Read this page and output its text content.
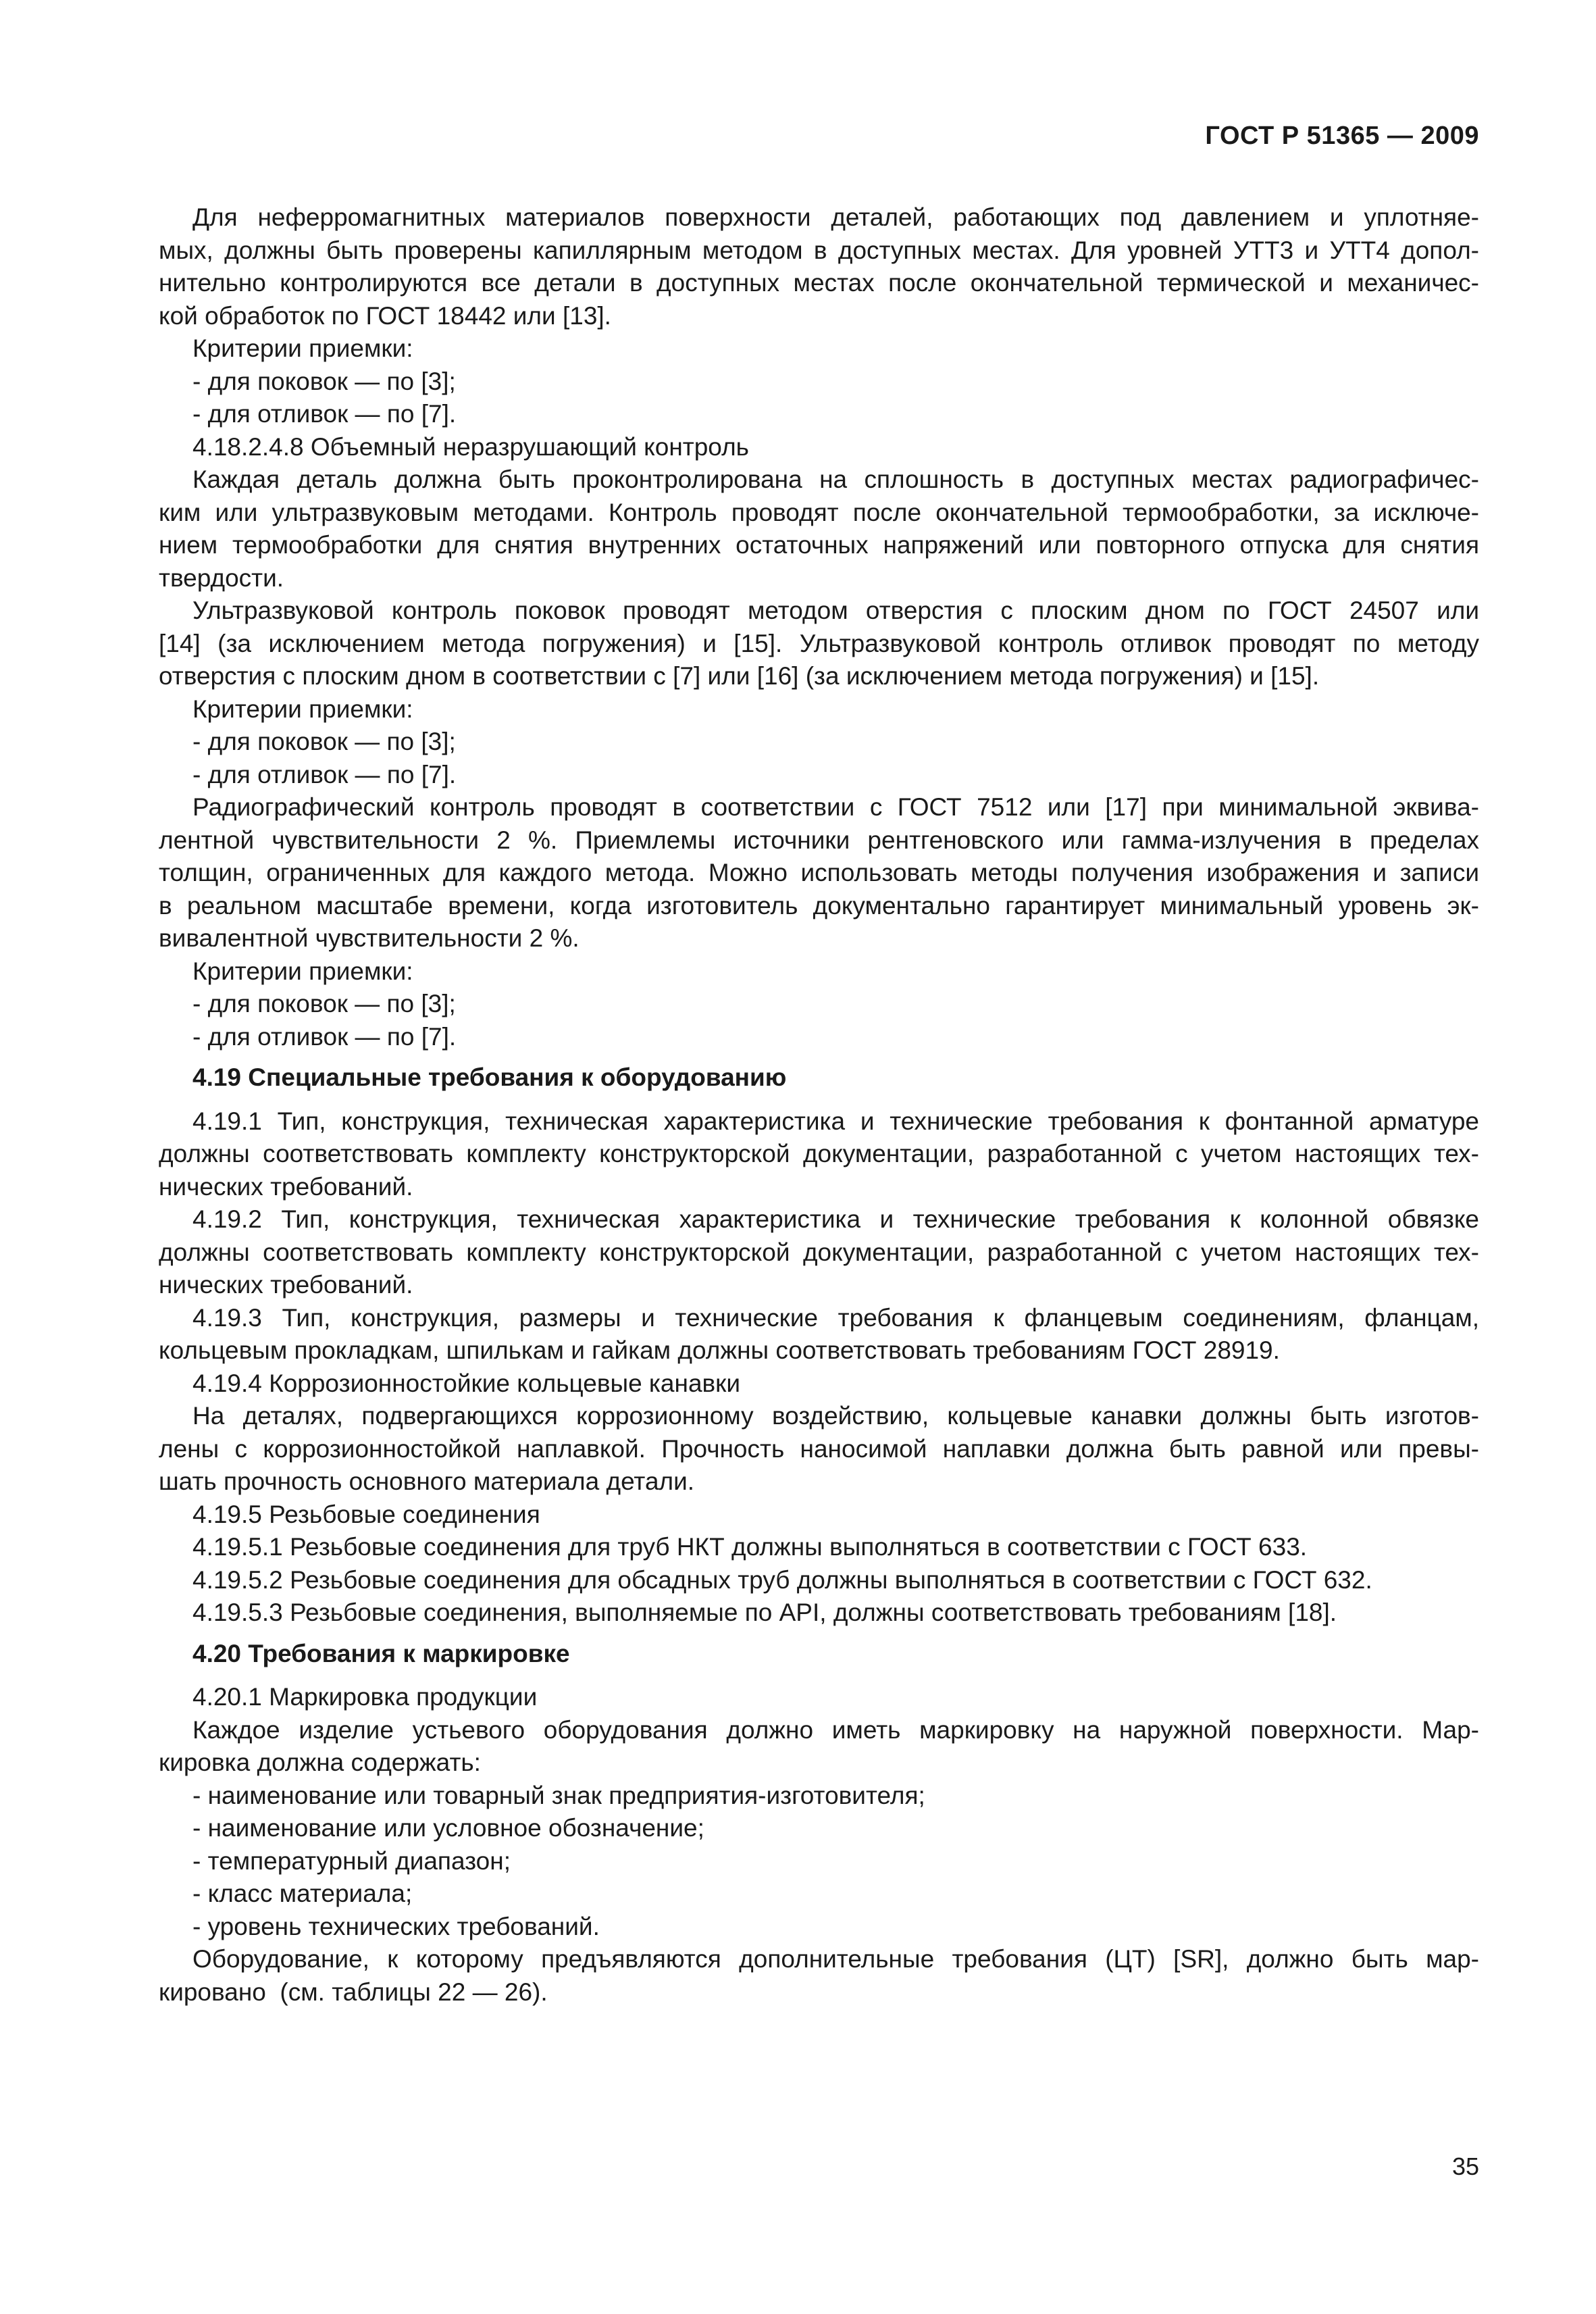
ГОСТ Р 51365 — 2009

Для неферромагнитных материалов поверхности деталей, работающих под давлением и уплотняе-
мых, должны быть проверены капиллярным методом в доступных местах. Для уровней УТТ3 и УТТ4 допол-
нительно контролируются все детали в доступных местах после окончательной термической и механичес-
кой обработок по ГОСТ 18442 или [13].

Критерии приемки:

- для поковок — по [3];

- для отливок — по [7].

4.18.2.4.8 Объемный неразрушающий контроль

Каждая деталь должна быть проконтролирована на сплошность в доступных местах радиографичес-
ким или ультразвуковым методами. Контроль проводят после окончательной термообработки, за исключе-
нием термообработки для снятия внутренних остаточных напряжений или повторного отпуска для снятия
твердости.

Ультразвуковой контроль поковок проводят методом отверстия с плоским дном по ГОСТ 24507 или
[14] (за исключением метода погружения) и [15]. Ультразвуковой контроль отливок проводят по методу
отверстия с плоским дном в соответствии с [7] или [16] (за исключением метода погружения) и [15].

Критерии приемки:

- для поковок — по [3];

- для отливок — по [7].

Радиографический контроль проводят в соответствии с ГОСТ 7512 или [17] при минимальной эквива-
лентной чувствительности 2 %. Приемлемы источники рентгеновского или гамма-излучения в пределах
толщин, ограниченных для каждого метода. Можно использовать методы получения изображения и записи
в реальном масштабе времени, когда изготовитель документально гарантирует минимальный уровень эк-
вивалентной чувствительности 2 %.

Критерии приемки:

- для поковок — по [3];

- для отливок — по [7].

4.19 Специальные требования к оборудованию

4.19.1 Тип, конструкция, техническая характеристика и технические требования к фонтанной арматуре
должны соответствовать комплекту конструкторской документации, разработанной с учетом настоящих тех-
нических требований.

4.19.2 Тип, конструкция, техническая характеристика и технические требования к колонной обвязке
должны соответствовать комплекту конструкторской документации, разработанной с учетом настоящих тех-
нических требований.

4.19.3 Тип, конструкция, размеры и технические требования к фланцевым соединениям, фланцам,
кольцевым прокладкам, шпилькам и гайкам должны соответствовать требованиям ГОСТ 28919.

4.19.4 Коррозионностойкие кольцевые канавки

На деталях, подвергающихся коррозионному воздействию, кольцевые канавки должны быть изготов-
лены с коррозионностойкой наплавкой. Прочность наносимой наплавки должна быть равной или превы-
шать прочность основного материала детали.

4.19.5 Резьбовые соединения

4.19.5.1 Резьбовые соединения для труб НКТ должны выполняться в соответствии с ГОСТ 633.

4.19.5.2 Резьбовые соединения для обсадных труб должны выполняться в соответствии с ГОСТ 632.

4.19.5.3 Резьбовые соединения, выполняемые по API, должны соответствовать требованиям [18].

4.20 Требования к маркировке

4.20.1 Маркировка продукции

Каждое изделие устьевого оборудования должно иметь маркировку на наружной поверхности. Мар-
кировка должна содержать:

- наименование или товарный знак предприятия-изготовителя;

- наименование или условное обозначение;

- температурный диапазон;

- класс материала;

- уровень технических требований.

Оборудование, к которому предъявляются дополнительные требования (ЦТ) [SR], должно быть мар-
кировано  (см. таблицы 22 — 26).

35
